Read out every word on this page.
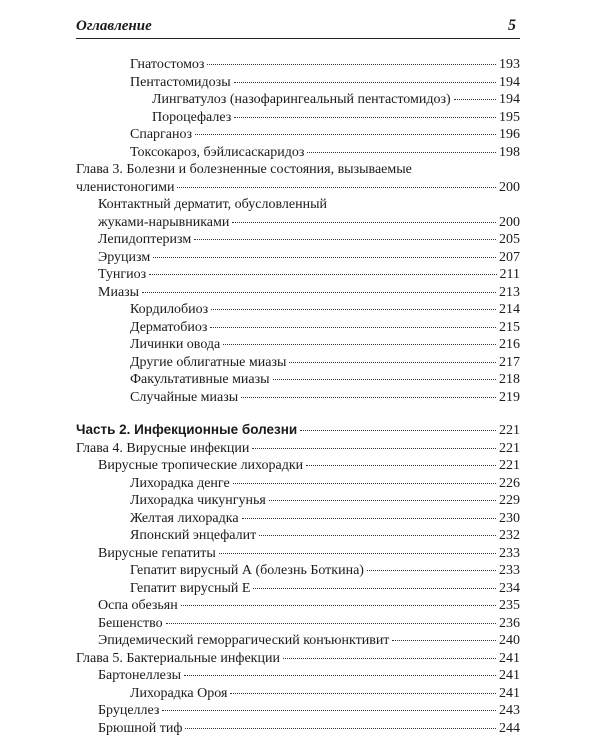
Оглавление	5
Гнатостомоз	193
Пентастомидозы	194
Лингватулоз (назофарингеальный пентастомидоз)	194
Пороцефалез	195
Спарганоз	196
Токсокароз, бэйлисаскаридоз	198
Глава 3. Болезни и болезненные состояния, вызываемые
членистоногими	200
Контактный дерматит, обусловленный
жуками-нарывниками	200
Лепидоптеризм	205
Эруцизм	207
Тунгиоз	211
Миазы	213
Кордилобиоз	214
Дерматобиоз	215
Личинки овода	216
Другие облигатные миазы	217
Факультативные миазы	218
Случайные миазы	219
Часть 2. Инфекционные болезни	221
Глава 4. Вирусные инфекции	221
Вирусные тропические лихорадки	221
Лихорадка денге	226
Лихорадка чикунгунья	229
Желтая лихорадка	230
Японский энцефалит	232
Вирусные гепатиты	233
Гепатит вирусный А (болезнь Боткина)	233
Гепатит вирусный Е	234
Оспа обезьян	235
Бешенство	236
Эпидемический геморрагический конъюнктивит	240
Глава 5. Бактериальные инфекции	241
Бартонеллезы	241
Лихорадка Ороя	241
Бруцеллез	243
Брюшной тиф	244
